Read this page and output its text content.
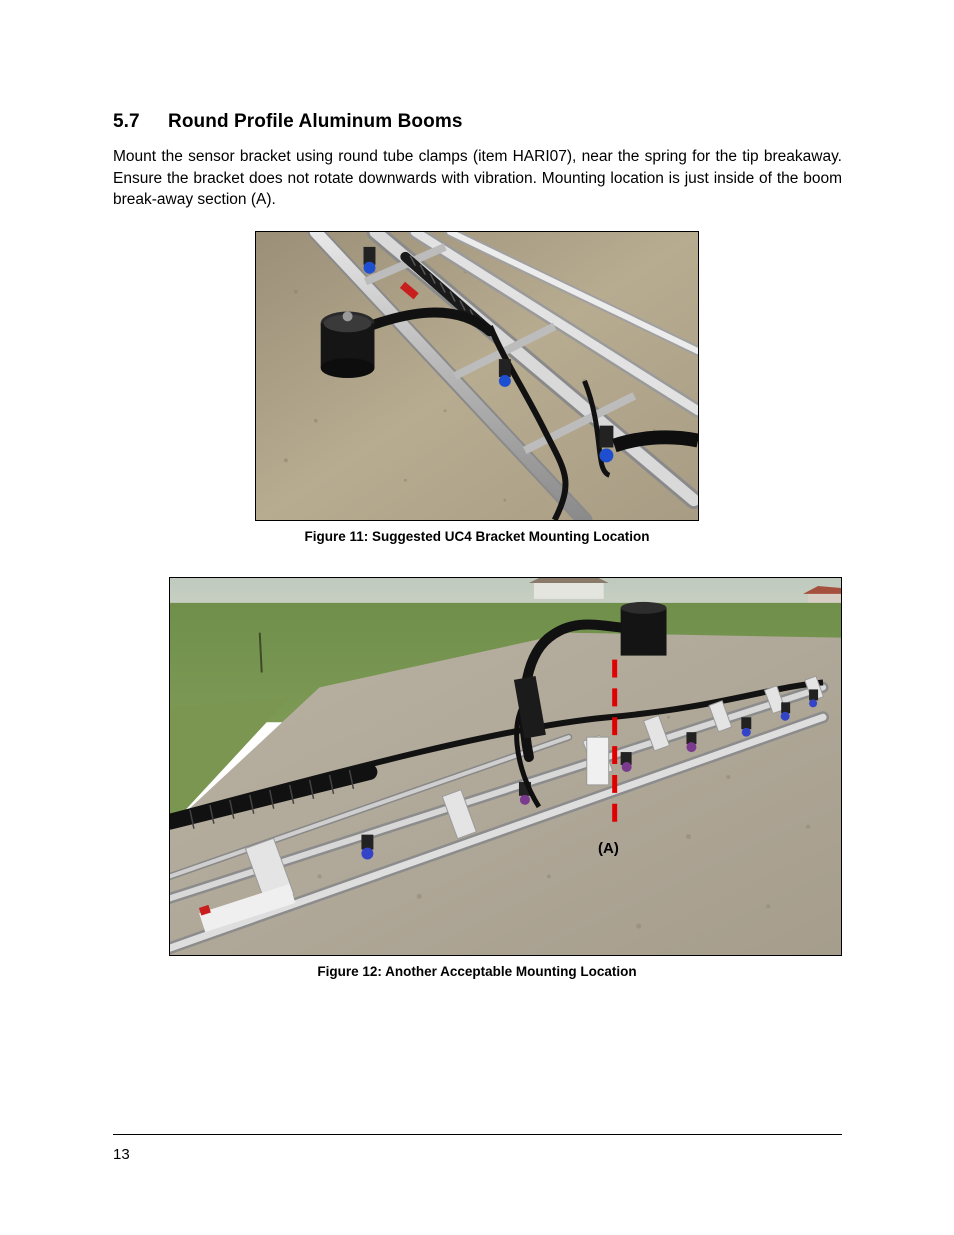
5.7 Round Profile Aluminum Booms

Mount the sensor bracket using round tube clamps (item HARI07), near the spring for the tip breakaway. Ensure the bracket does not rotate downwards with vibration. Mounting location is just inside of the boom break-away section (A).

Figure 11: Suggested UC4 Bracket Mounting Location

(A)

Figure 12: Another Acceptable Mounting Location

13
